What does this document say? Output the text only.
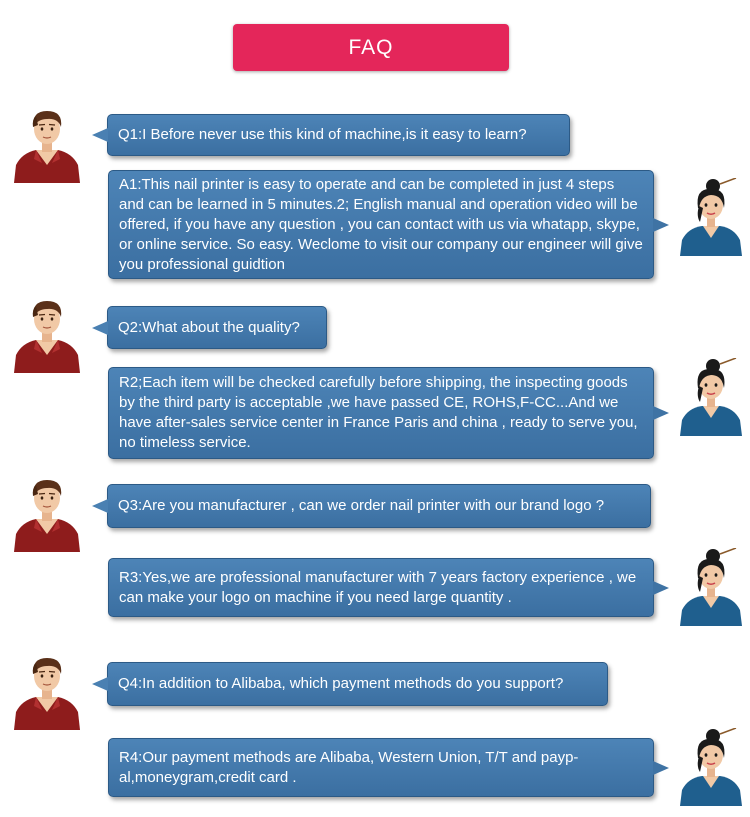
FAQ
Q1:I Before never use this kind of machine,is it easy to learn?
A1:This nail printer is easy to operate and can be completed in just 4 steps and can be learned in 5 minutes.2; English manual and operation video will be offered, if you have any question , you can contact with us via whatapp, skype, or online service. So easy. Weclome to visit our company our engineer will give you professional guidtion
Q2:What about the quality?
R2;Each item will be checked carefully before shipping, the inspecting goods by the third party is acceptable ,we have passed CE, ROHS,F-CC...And we have after-sales service center in France Paris and china , ready to serve you, no timeless service.
Q3:Are you manufacturer , can we order nail printer with our brand logo ?
R3:Yes,we are professional manufacturer with 7 years factory experience , we can make your logo on machine if you need large quantity .
Q4:In addition to Alibaba, which payment methods do you support?
R4:Our payment methods are Alibaba, Western Union, T/T and payp-al,moneygram,credit card .
